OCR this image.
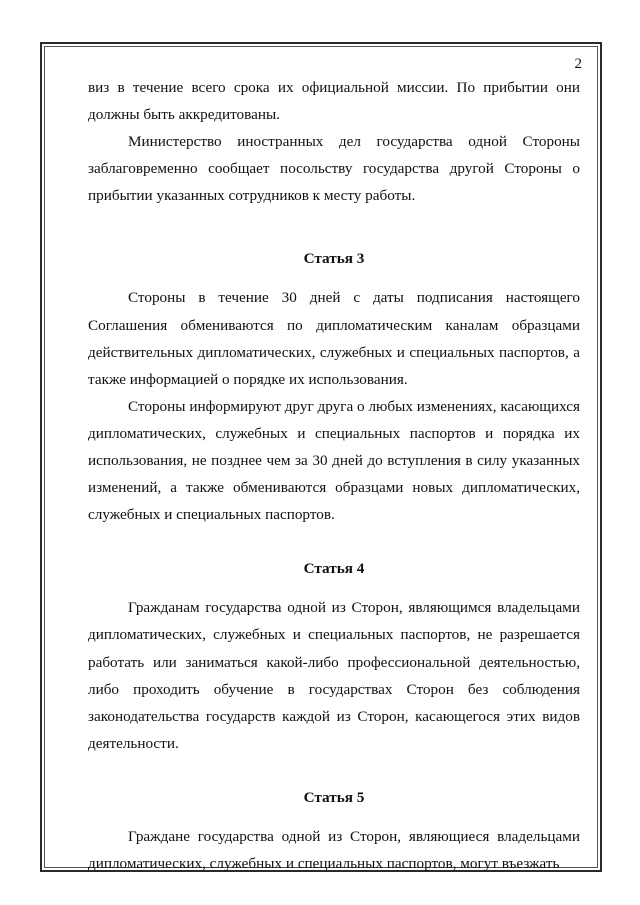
2

виз в течение всего срока их официальной миссии. По прибытии они должны быть аккредитованы.

Министерство иностранных дел государства одной Стороны заблаговременно сообщает посольству государства другой Стороны о прибытии указанных сотрудников к месту работы.

Статья 3

Стороны в течение 30 дней с даты подписания настоящего Соглашения обмениваются по дипломатическим каналам образцами действительных дипломатических, служебных и специальных паспортов, а также информацией о порядке их использования.

Стороны информируют друг друга о любых изменениях, касающихся дипломатических, служебных и специальных паспортов и порядка их использования, не позднее чем за 30 дней до вступления в силу указанных изменений, а также обмениваются образцами новых дипломатических, служебных и специальных паспортов.

Статья 4

Гражданам государства одной из Сторон, являющимся владельцами дипломатических, служебных и специальных паспортов, не разрешается работать или заниматься какой-либо профессиональной деятельностью, либо проходить обучение в государствах Сторон без соблюдения законодательства государств каждой из Сторон, касающегося этих видов деятельности.

Статья 5

Граждане государства одной из Сторон, являющиеся владельцами дипломатических, служебных и специальных паспортов, могут въезжать
